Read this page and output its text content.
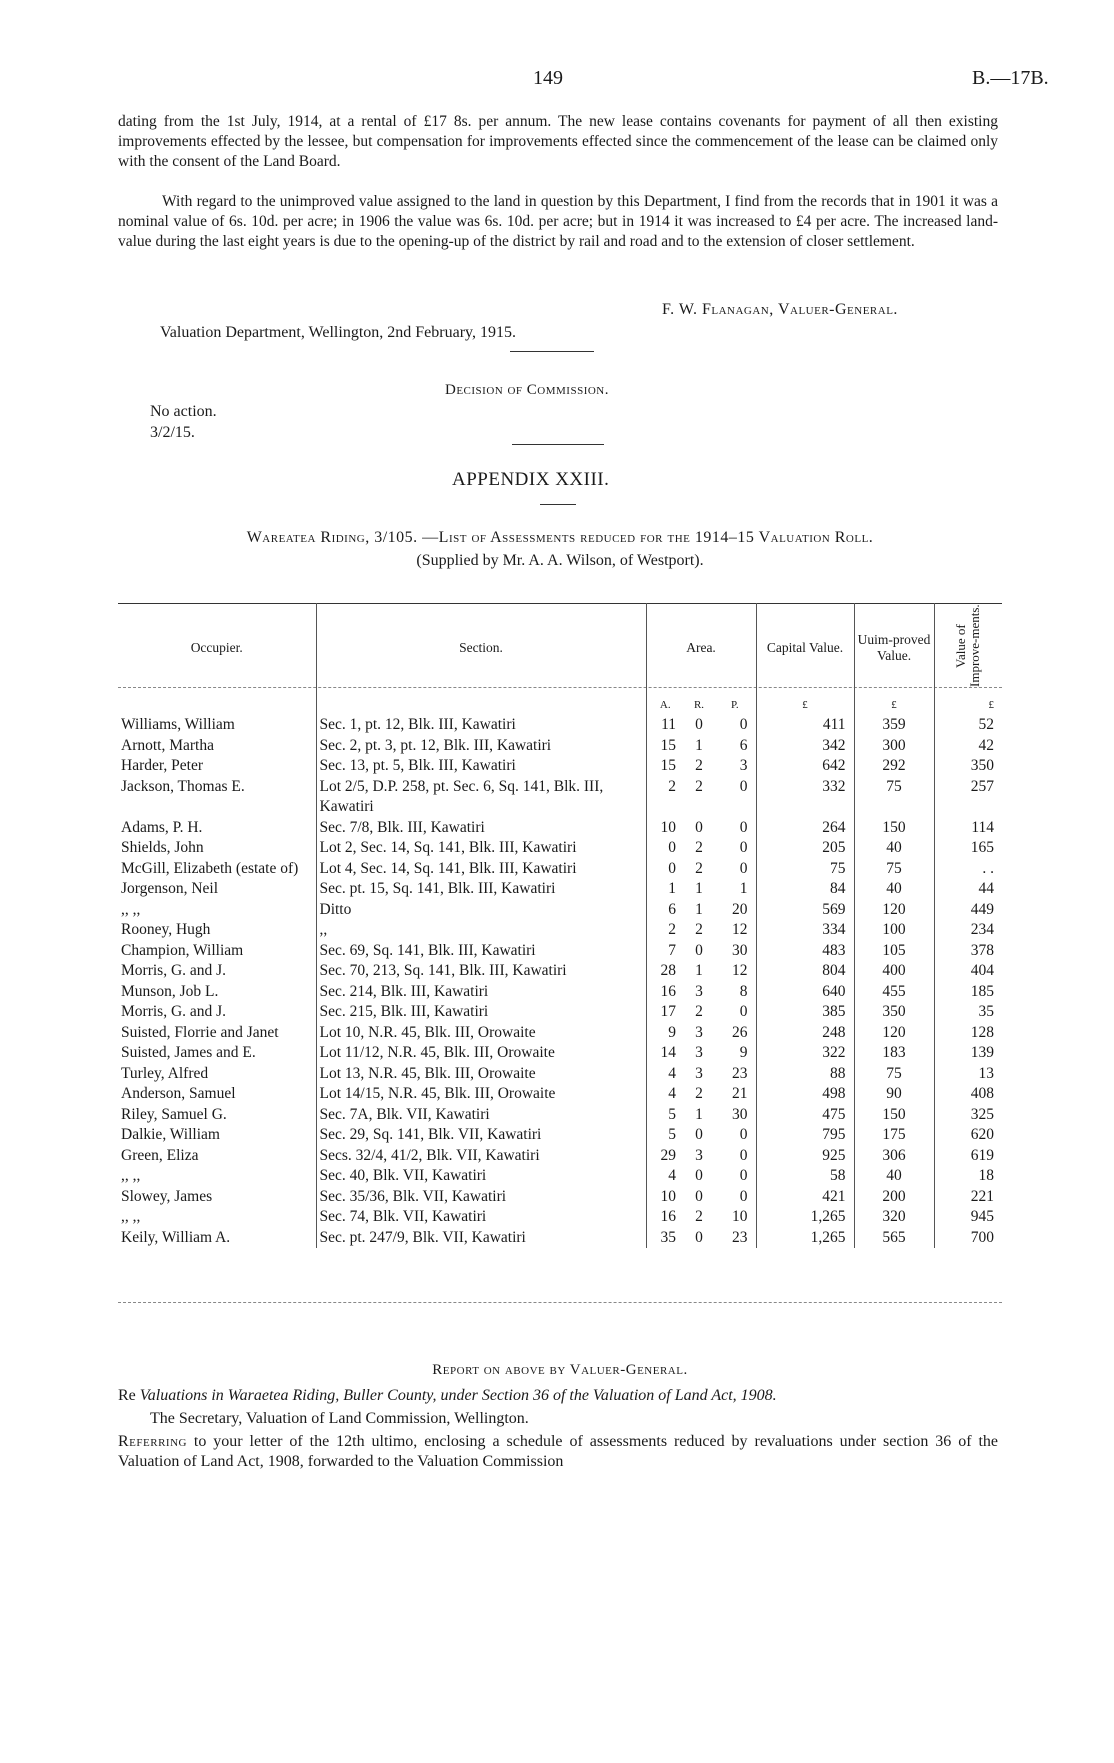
149	B.—17B.
dating from the 1st July, 1914, at a rental of £17 8s. per annum. The new lease contains covenants for payment of all then existing improvements effected by the lessee, but compensation for improvements effected since the commencement of the lease can be claimed only with the consent of the Land Board.
With regard to the unimproved value assigned to the land in question by this Department, I find from the records that in 1901 it was a nominal value of 6s. 10d. per acre; in 1906 the value was 6s. 10d. per acre; but in 1914 it was increased to £4 per acre. The increased land-value during the last eight years is due to the opening-up of the district by rail and road and to the extension of closer settlement.
F. W. Flanagan, Valuer-General.
Valuation Department, Wellington, 2nd February, 1915.
Decision of Commission.
No action.
3/2/15.
APPENDIX XXIII.
Wareatea Riding, 3/105. —List of Assessments reduced for the 1914–15 Valuation Roll.
(Supplied by Mr. A. A. Wilson, of Westport).
Occupier.	Section.	Area.			Capital Value.	Uuim-proved Value.	Value of Improve-ments.
		A.	R.	P.	£	£	£
Williams, William	Sec. 1, pt. 12, Blk. III, Kawatiri	11	0	0	411	359	52
Arnott, Martha	Sec. 2, pt. 3, pt. 12, Blk. III, Kawatiri	15	1	6	342	300	42
Harder, Peter	Sec. 13, pt. 5, Blk. III, Kawatiri	15	2	3	642	292	350
Jackson, Thomas E.	Lot 2/5, D.P. 258, pt. Sec. 6, Sq. 141, Blk. III, Kawatiri	2	2	0	332	75	257
Adams, P. H.	Sec. 7/8, Blk. III, Kawatiri	10	0	0	264	150	114
Shields, John	Lot 2, Sec. 14, Sq. 141, Blk. III, Kawatiri	0	2	0	205	40	165
McGill, Elizabeth (estate of)	Lot 4, Sec. 14, Sq. 141, Blk. III, Kawatiri	0	2	0	75	75	. .
Jorgenson, Neil	Sec. pt. 15, Sq. 141, Blk. III, Kawatiri	1	1	1	84	40	44
,, ,,	Ditto	6	1	20	569	120	449
Rooney, Hugh	,,	2	2	12	334	100	234
Champion, William	Sec. 69, Sq. 141, Blk. III, Kawatiri	7	0	30	483	105	378
Morris, G. and J.	Sec. 70, 213, Sq. 141, Blk. III, Kawatiri	28	1	12	804	400	404
Munson, Job L.	Sec. 214, Blk. III, Kawatiri	16	3	8	640	455	185
Morris, G. and J.	Sec. 215, Blk. III, Kawatiri	17	2	0	385	350	35
Suisted, Florrie and Janet	Lot 10, N.R. 45, Blk. III, Orowaite	9	3	26	248	120	128
Suisted, James and E.	Lot 11/12, N.R. 45, Blk. III, Orowaite	14	3	9	322	183	139
Turley, Alfred	Lot 13, N.R. 45, Blk. III, Orowaite	4	3	23	88	75	13
Anderson, Samuel	Lot 14/15, N.R. 45, Blk. III, Orowaite	4	2	21	498	90	408
Riley, Samuel G.	Sec. 7A, Blk. VII, Kawatiri	5	1	30	475	150	325
Dalkie, William	Sec. 29, Sq. 141, Blk. VII, Kawatiri	5	0	0	795	175	620
Green, Eliza	Secs. 32/4, 41/2, Blk. VII, Kawatiri	29	3	0	925	306	619
,, ,,	Sec. 40, Blk. VII, Kawatiri	4	0	0	58	40	18
Slowey, James	Sec. 35/36, Blk. VII, Kawatiri	10	0	0	421	200	221
,, ,,	Sec. 74, Blk. VII, Kawatiri	16	2	10	1,265	320	945
Keily, William A.	Sec. pt. 247/9, Blk. VII, Kawatiri	35	0	23	1,265	565	700
Report on above by Valuer-General.
Re Valuations in Waraetea Riding, Buller County, under Section 36 of the Valuation of Land Act, 1908.
The Secretary, Valuation of Land Commission, Wellington.
Referring to your letter of the 12th ultimo, enclosing a schedule of assessments reduced by revaluations under section 36 of the Valuation of Land Act, 1908, forwarded to the Valuation Commission
